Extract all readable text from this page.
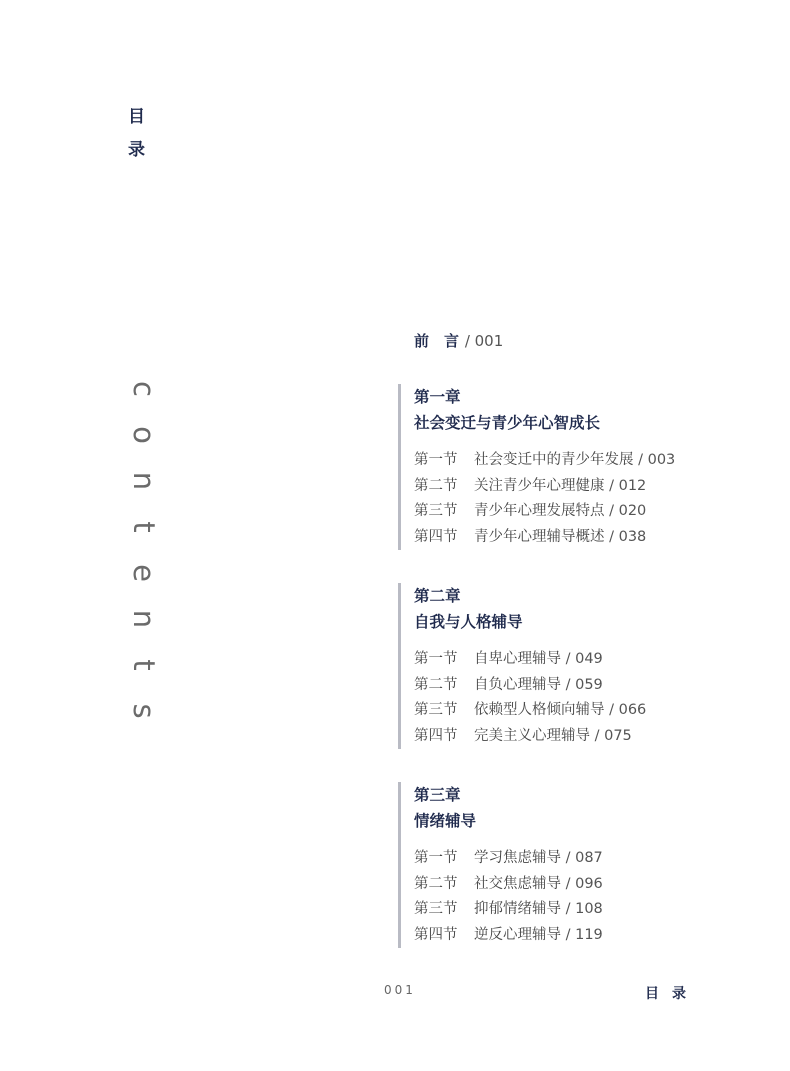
目
录
c
o
n
t
e
n
t
s
前 言 / 001
第一章
社会变迁与青少年心智成长
第一节 社会变迁中的青少年发展 / 003
第二节 关注青少年心理健康 / 012
第三节 青少年心理发展特点 / 020
第四节 青少年心理辅导概述 / 038
第二章
自我与人格辅导
第一节 自卑心理辅导 / 049
第二节 自负心理辅导 / 059
第三节 依赖型人格倾向辅导 / 066
第四节 完美主义心理辅导 / 075
第三章
情绪辅导
第一节 学习焦虑辅导 / 087
第二节 社交焦虑辅导 / 096
第三节 抑郁情绪辅导 / 108
第四节 逆反心理辅导 / 119
001	目 录
